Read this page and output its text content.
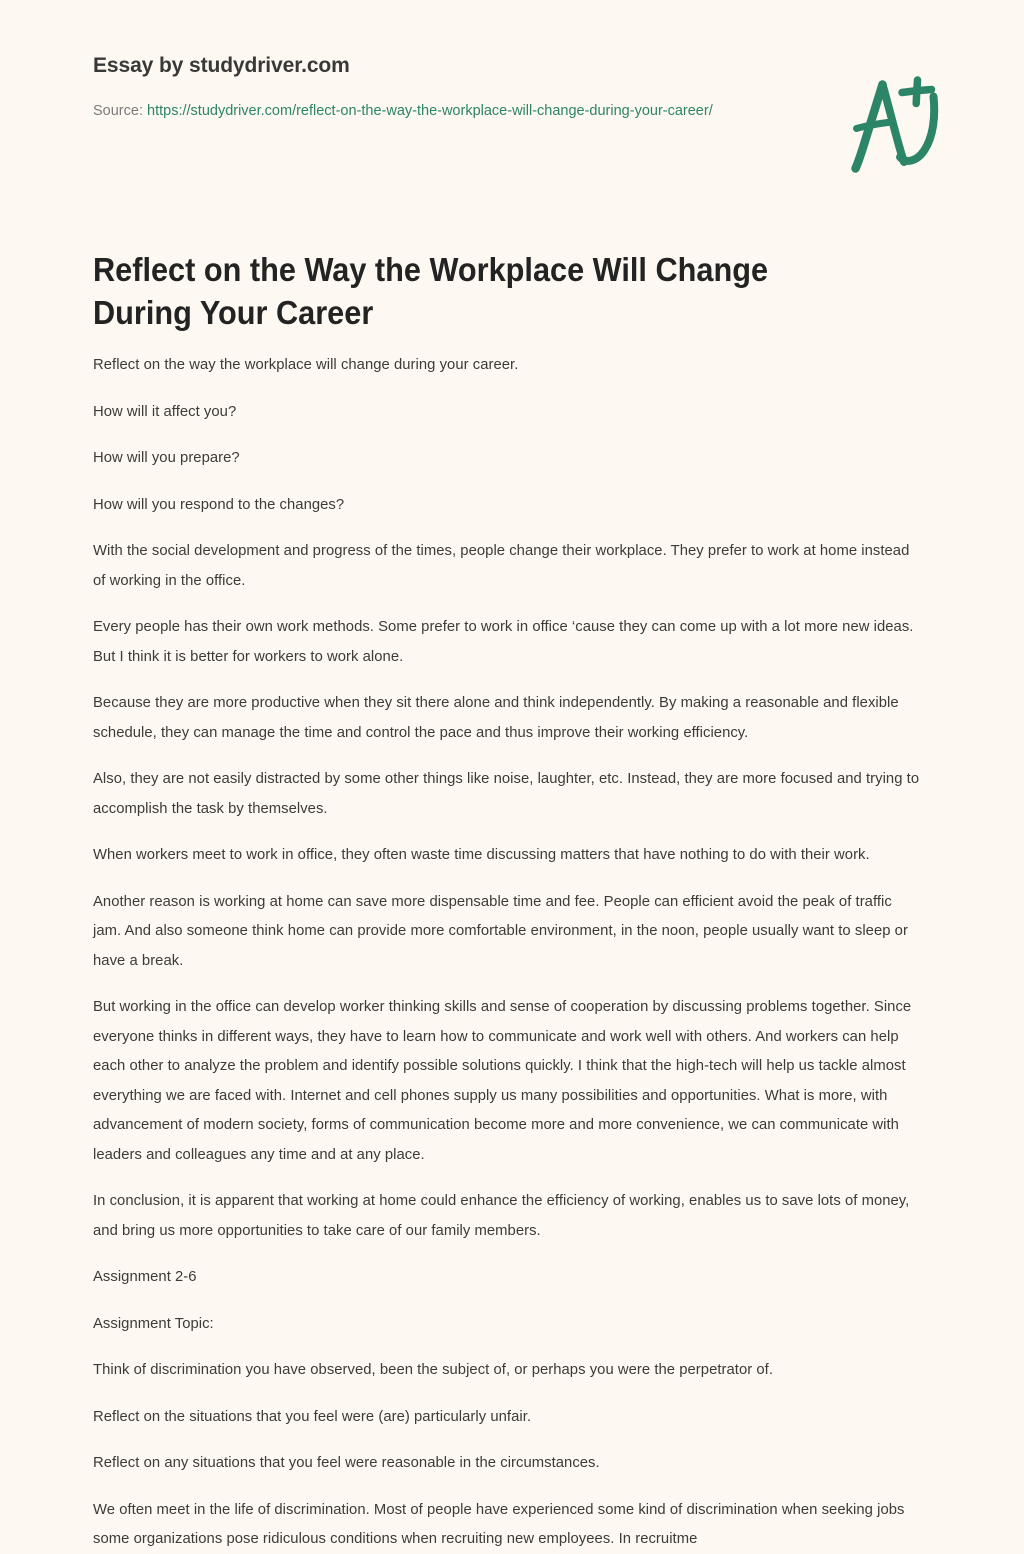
Essay by studydriver.com

Source: https://studydriver.com/reflect-on-the-way-the-workplace-will-change-during-your-career/

Reflect on the Way the Workplace Will Change During Your Career

Reflect on the way the workplace will change during your career.

How will it affect you?

How will you prepare?

How will you respond to the changes?

With the social development and progress of the times, people change their workplace. They prefer to work at home instead of working in the office.

Every people has their own work methods. Some prefer to work in office ‘cause they can come up with a lot more new ideas. But I think it is better for workers to work alone.

Because they are more productive when they sit there alone and think independently. By making a reasonable and flexible schedule, they can manage the time and control the pace and thus improve their working efficiency.

Also, they are not easily distracted by some other things like noise, laughter, etc. Instead, they are more focused and trying to accomplish the task by themselves.

When workers meet to work in office, they often waste time discussing matters that have nothing to do with their work.

Another reason is working at home can save more dispensable time and fee. People can efficient avoid the peak of traffic jam. And also someone think home can provide more comfortable environment, in the noon, people usually want to sleep or have a break.

But working in the office can develop worker thinking skills and sense of cooperation by discussing problems together. Since everyone thinks in different ways, they have to learn how to communicate and work well with others. And workers can help each other to analyze the problem and identify possible solutions quickly. I think that the high-tech will help us tackle almost everything we are faced with. Internet and cell phones supply us many possibilities and opportunities. What is more, with advancement of modern society, forms of communication become more and more convenience, we can communicate with leaders and colleagues any time and at any place.

In conclusion, it is apparent that working at home could enhance the efficiency of working, enables us to save lots of money, and bring us more opportunities to take care of our family members.

Assignment 2-6

Assignment Topic:

Think of discrimination you have observed, been the subject of, or perhaps you were the perpetrator of.

Reflect on the situations that you feel were (are) particularly unfair.

Reflect on any situations that you feel were reasonable in the circumstances.

We often meet in the life of discrimination. Most of people have experienced some kind of discrimination when seeking jobs some organizations pose ridiculous conditions when recruiting new employees. In recruitme
